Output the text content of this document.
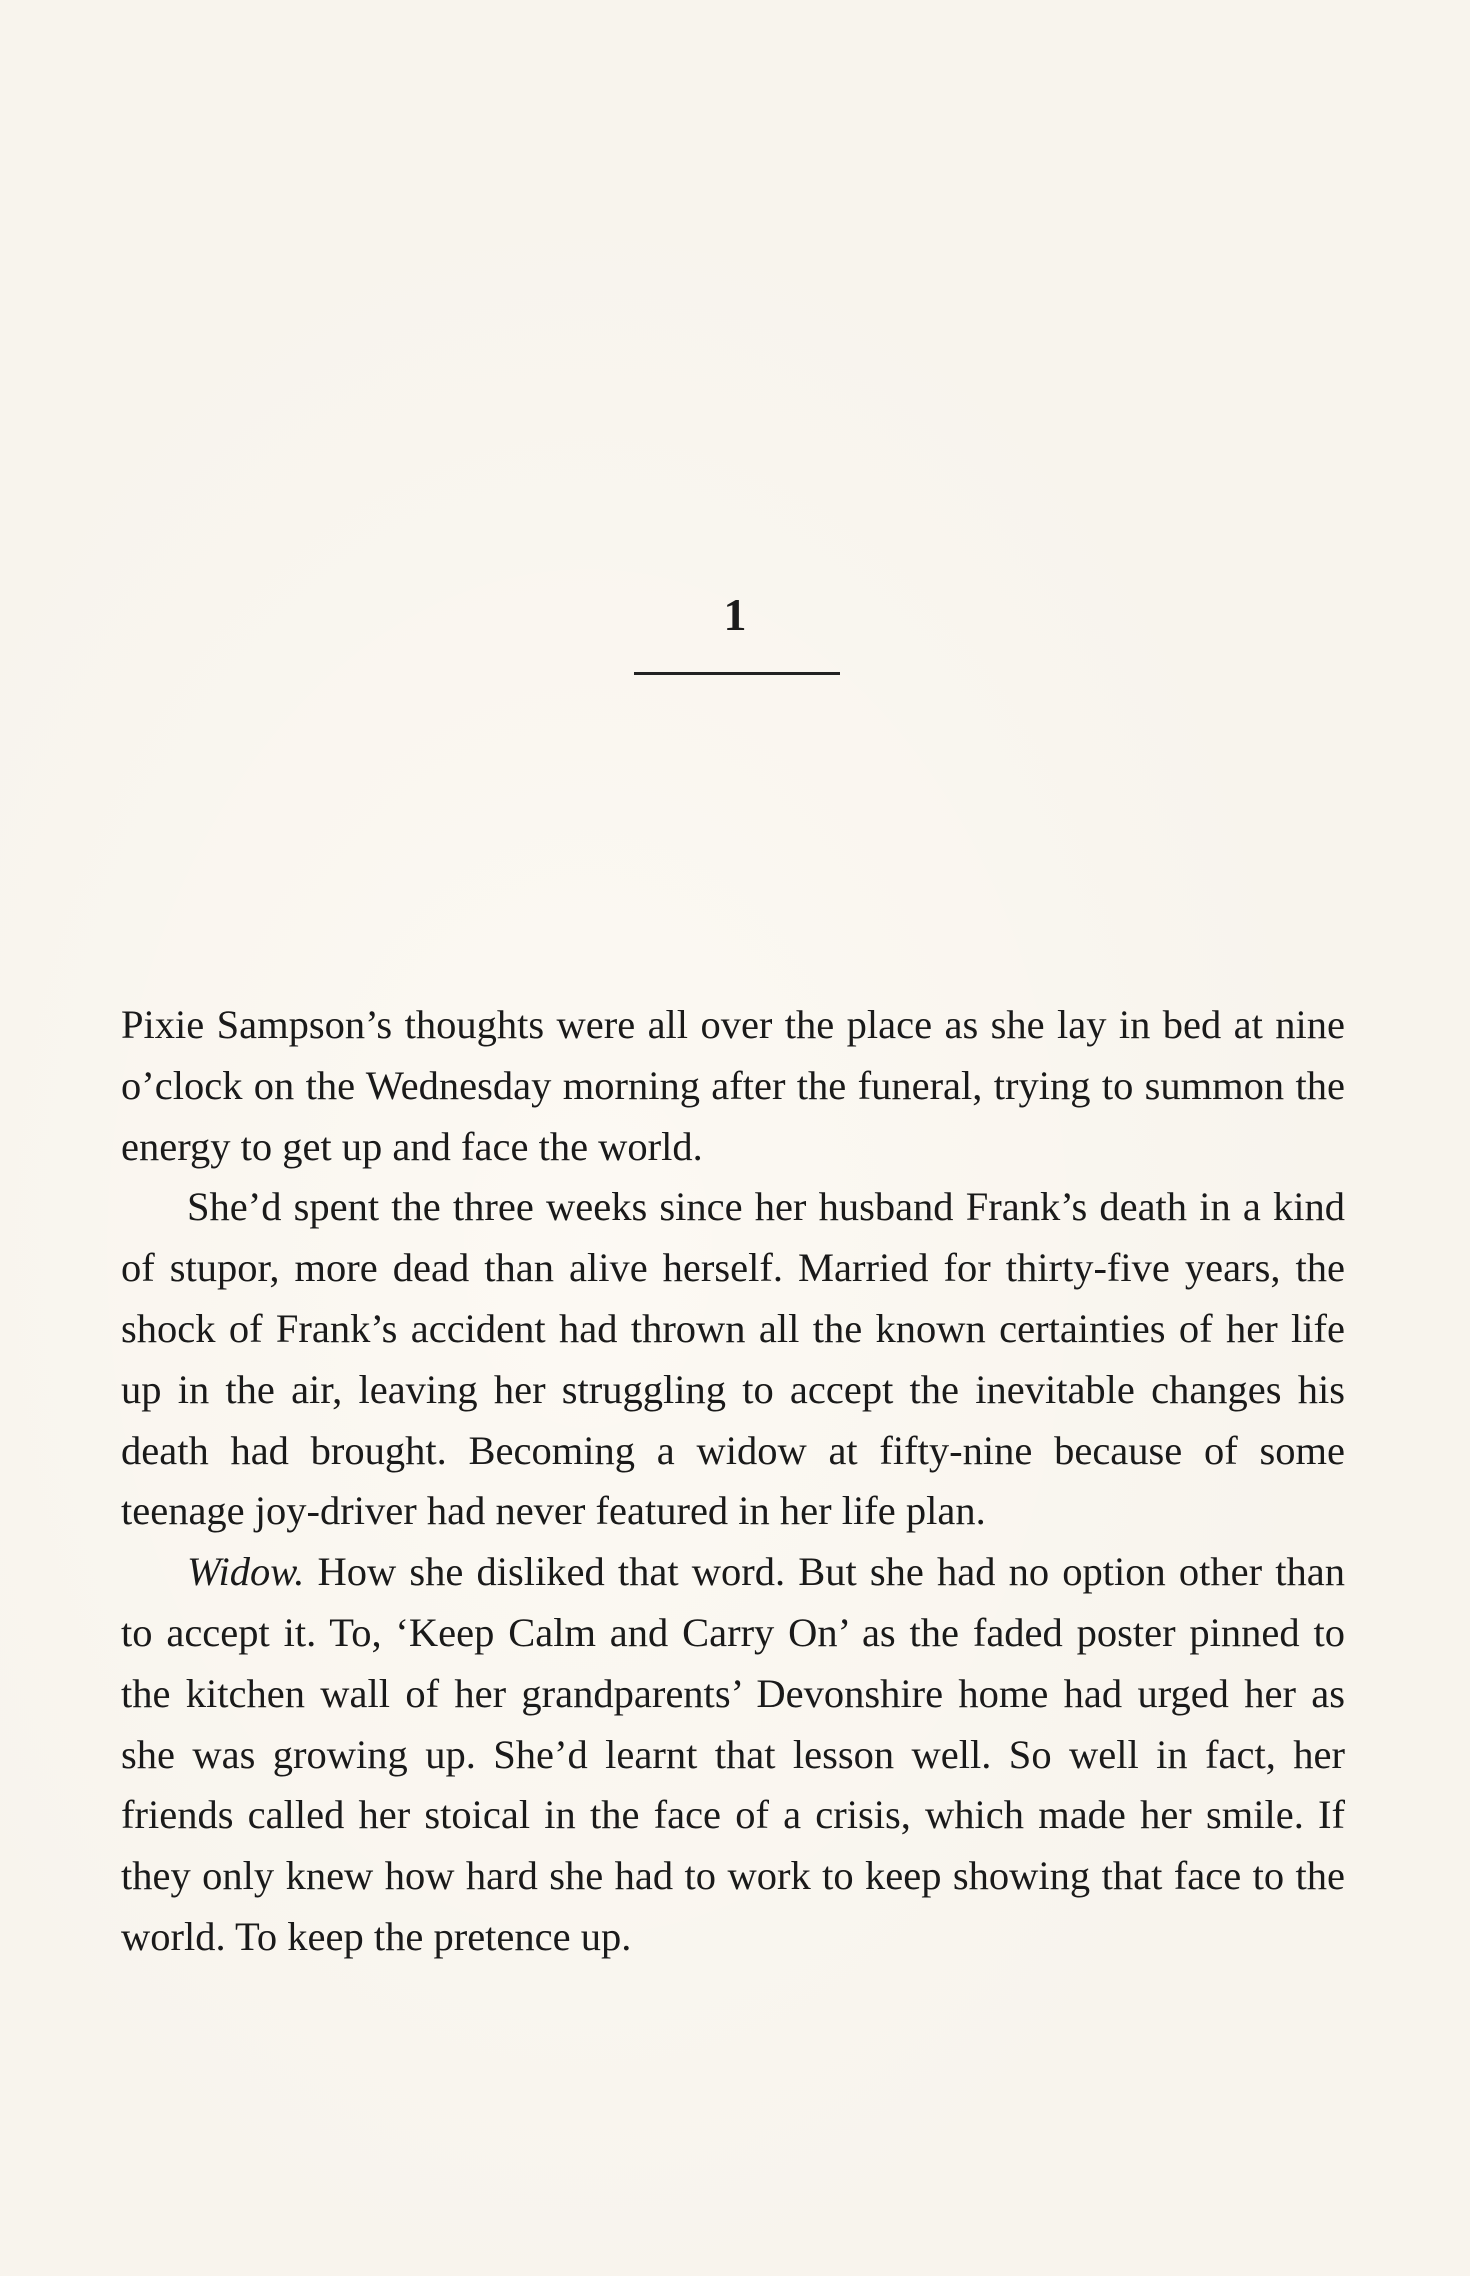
1

Pixie Sampson’s thoughts were all over the place as she lay in bed at nine o’clock on the Wednesday morning after the funeral, trying to summon the energy to get up and face the world.

She’d spent the three weeks since her husband Frank’s death in a kind of stupor, more dead than alive herself. Married for thirty-five years, the shock of Frank’s accident had thrown all the known certainties of her life up in the air, leaving her struggling to accept the inevitable changes his death had brought. Becoming a widow at fifty-nine because of some teenage joy-driver had never featured in her life plan.

Widow. How she disliked that word. But she had no option other than to accept it. To, ‘Keep Calm and Carry On’ as the faded poster pinned to the kitchen wall of her grandparents’ Devonshire home had urged her as she was growing up. She’d learnt that lesson well. So well in fact, her friends called her stoical in the face of a crisis, which made her smile. If they only knew how hard she had to work to keep showing that face to the world. To keep the pretence up.
